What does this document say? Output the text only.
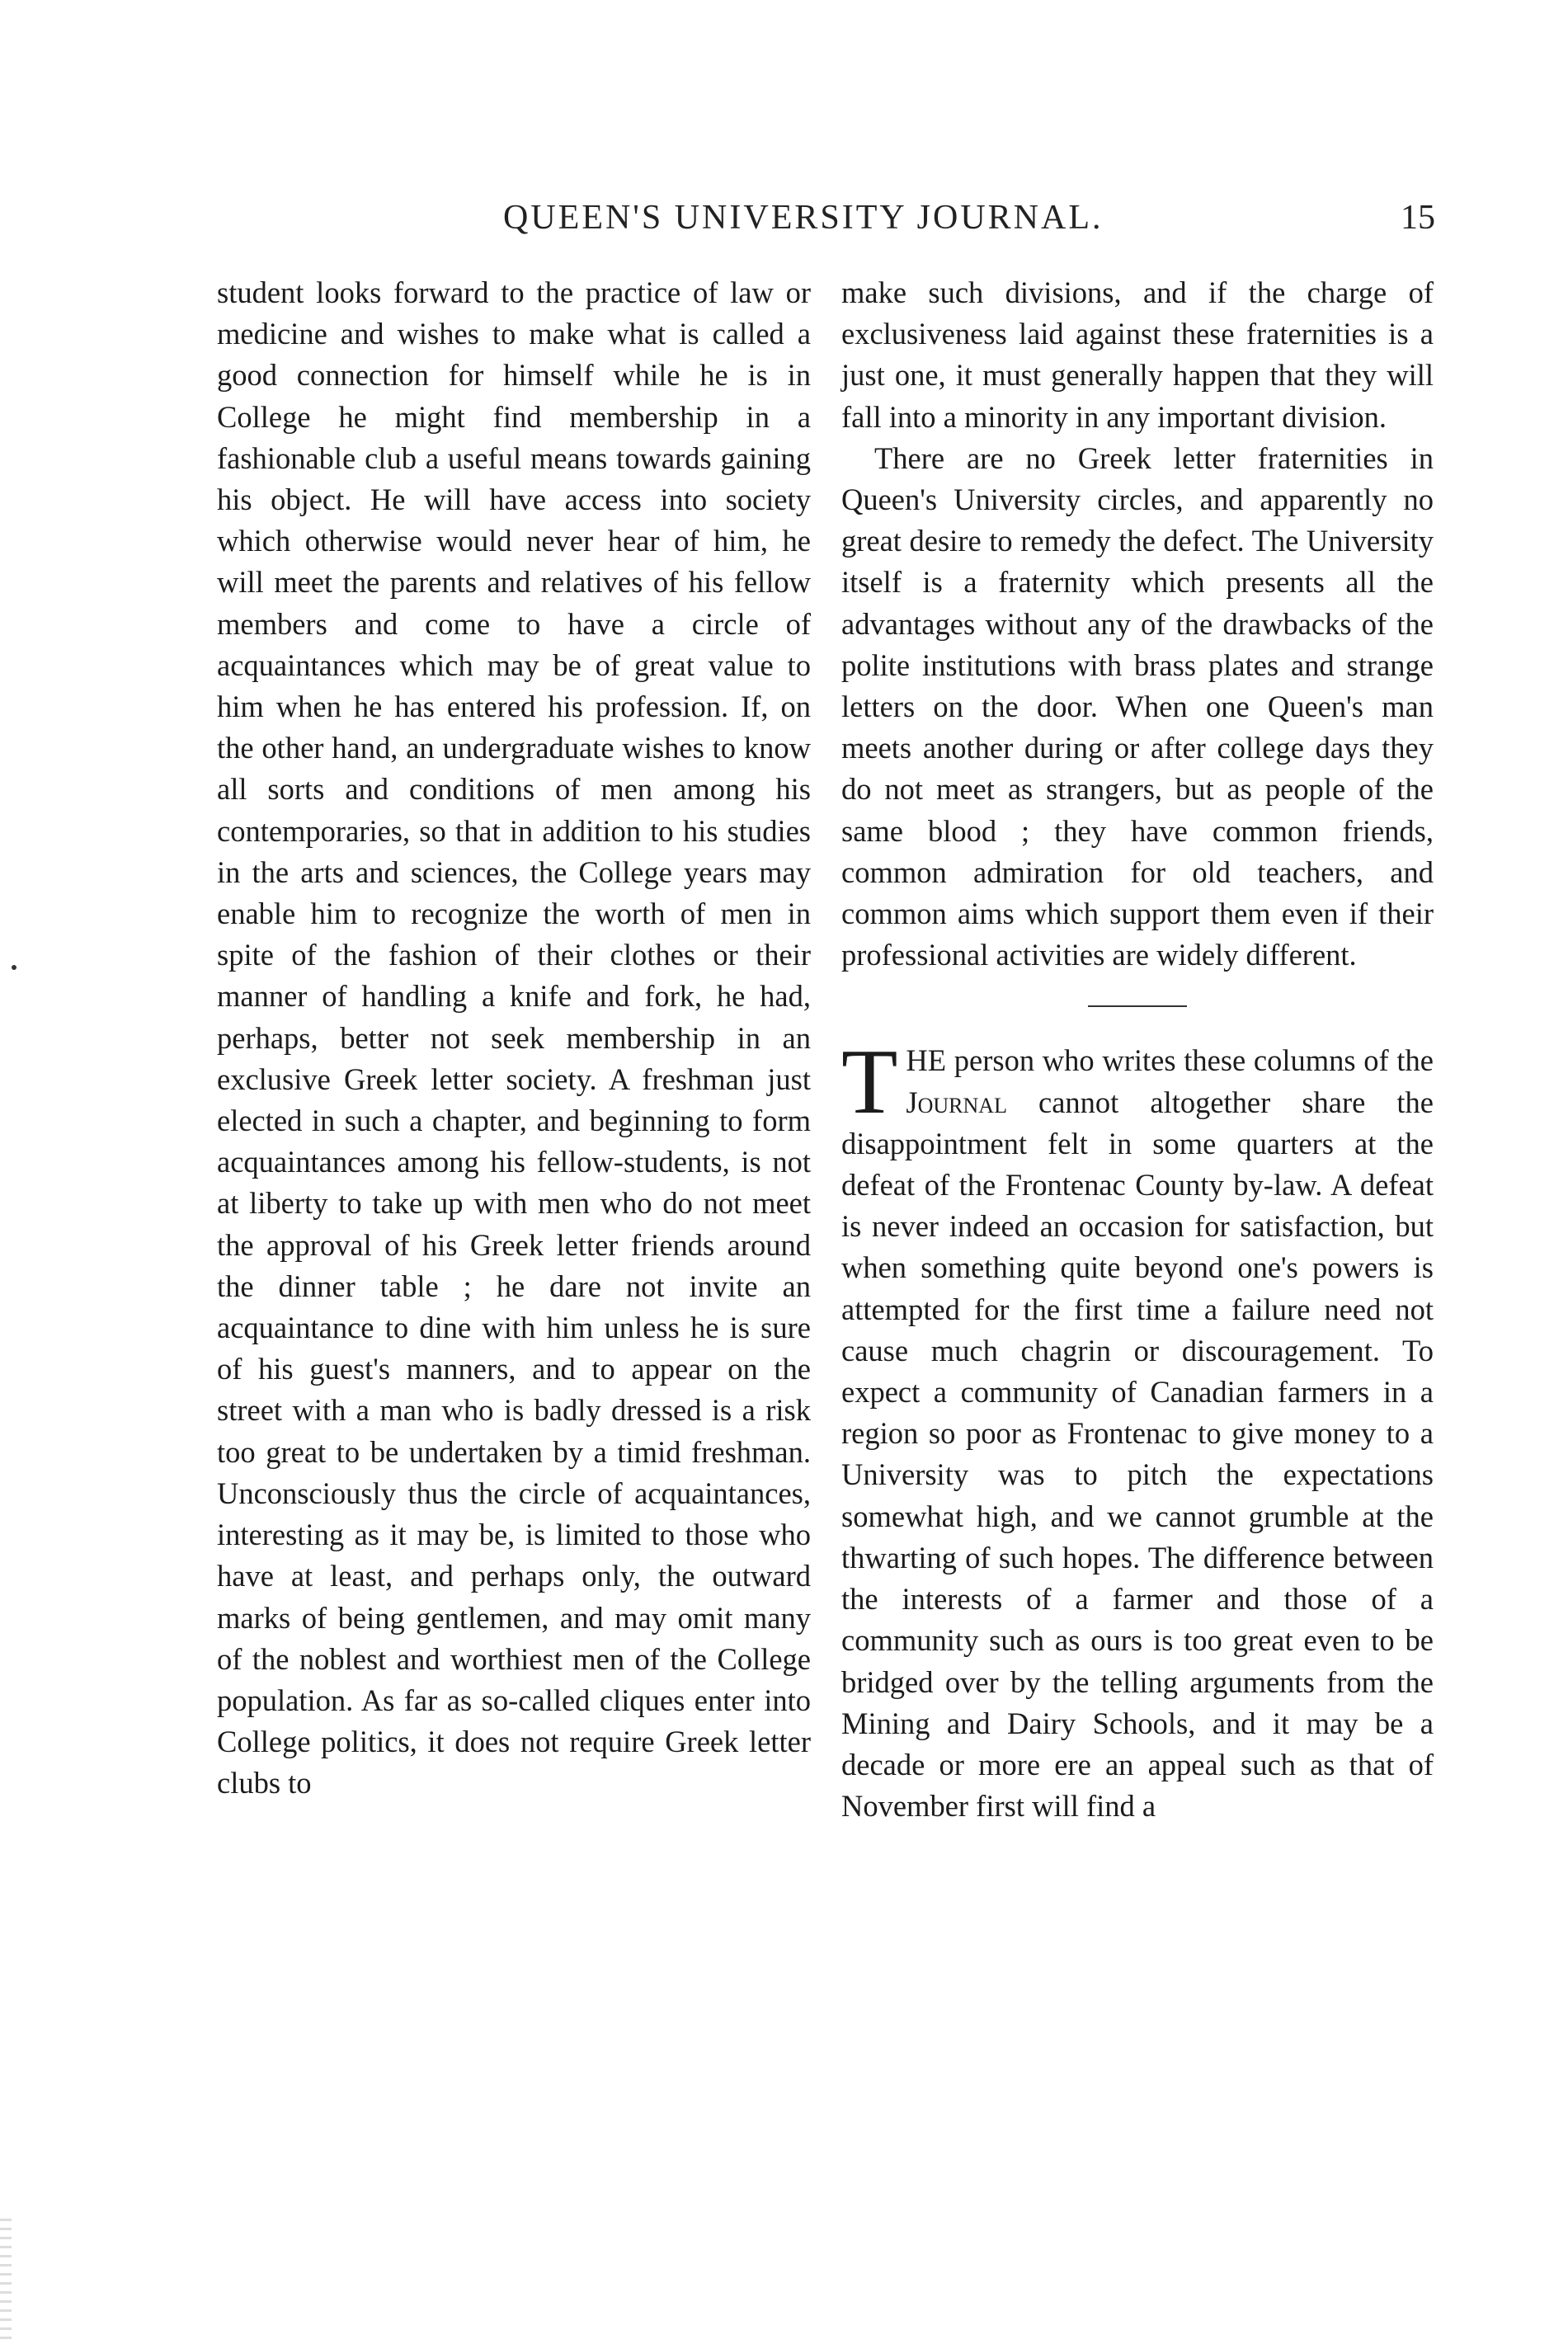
QUEEN'S UNIVERSITY JOURNAL.	15

student looks forward to the practice of law or medicine and wishes to make what is called a good connection for himself while he is in College he might find membership in a fashionable club a useful means towards gaining his object. He will have access into society which otherwise would never hear of him, he will meet the parents and relatives of his fellow members and come to have a circle of acquaintances which may be of great value to him when he has entered his profession. If, on the other hand, an undergraduate wishes to know all sorts and conditions of men among his contemporaries, so that in addition to his studies in the arts and sciences, the College years may enable him to recognize the worth of men in spite of the fashion of their clothes or their manner of handling a knife and fork, he had, perhaps, better not seek membership in an exclusive Greek letter society. A freshman just elected in such a chapter, and beginning to form acquaintances among his fellow-students, is not at liberty to take up with men who do not meet the approval of his Greek letter friends around the dinner table ; he dare not invite an acquaintance to dine with him unless he is sure of his guest's manners, and to appear on the street with a man who is badly dressed is a risk too great to be undertaken by a timid freshman. Unconsciously thus the circle of acquaintances, interesting as it may be, is limited to those who have at least, and perhaps only, the outward marks of being gentlemen, and may omit many of the noblest and worthiest men of the College population. As far as so-called cliques enter into College politics, it does not require Greek letter clubs to

make such divisions, and if the charge of exclusiveness laid against these fraternities is a just one, it must generally happen that they will fall into a minority in any important division.

There are no Greek letter fraternities in Queen's University circles, and apparently no great desire to remedy the defect. The University itself is a fraternity which presents all the advantages without any of the drawbacks of the polite institutions with brass plates and strange letters on the door. When one Queen's man meets another during or after college days they do not meet as strangers, but as people of the same blood ; they have common friends, common admiration for old teachers, and common aims which support them even if their professional activities are widely different.

THE person who writes these columns of the Journal cannot altogether share the disappointment felt in some quarters at the defeat of the Frontenac County by-law. A defeat is never indeed an occasion for satisfaction, but when something quite beyond one's powers is attempted for the first time a failure need not cause much chagrin or discouragement. To expect a community of Canadian farmers in a region so poor as Frontenac to give money to a University was to pitch the expectations somewhat high, and we cannot grumble at the thwarting of such hopes. The difference between the interests of a farmer and those of a community such as ours is too great even to be bridged over by the telling arguments from the Mining and Dairy Schools, and it may be a decade or more ere an appeal such as that of November first will find a
